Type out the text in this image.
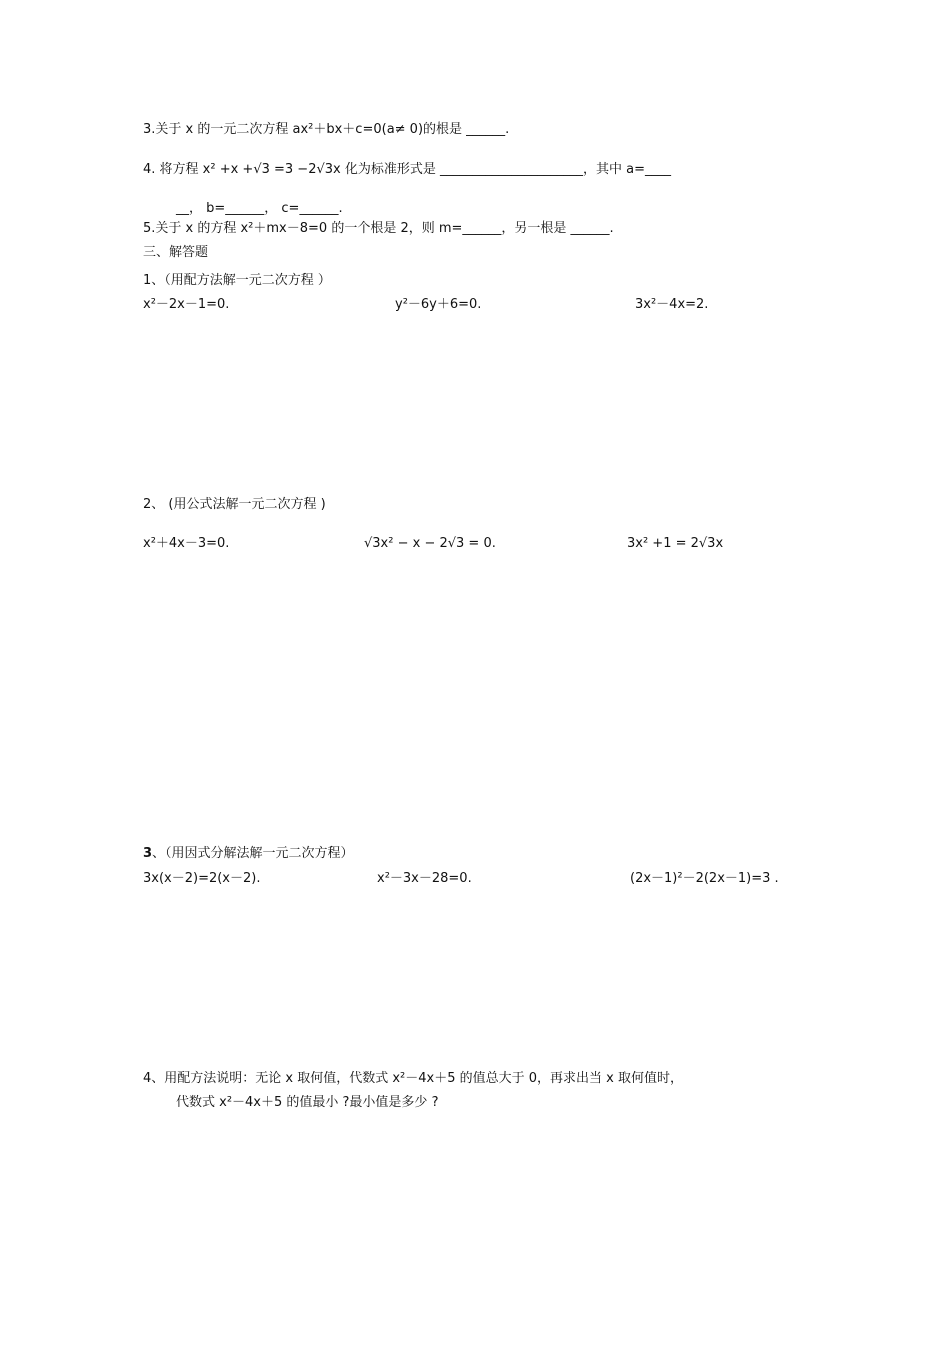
3.关于 x 的一元二次方程 ax²＋bx＋c=0(a≠ 0)的根是 ______.
4. 将方程 x² +x +√3 =3 −2√3x 化为标准形式是 ______________________，其中 a=____
__， b=______， c=______.
5.关于 x 的方程 x²＋mx－8=0 的一个根是 2，则 m=______，另一根是 ______.
三、解答题
1、（用配方法解一元二次方程 ）
x²－2x－1=0.	y²－6y＋6=0.	3x²－4x=2.
2、 (用公式法解一元二次方程 )
x²＋4x－3=0.	√3x² − x − 2√3 = 0.	3x² +1 = 2√3x
3、（用因式分解法解一元二次方程）
3x(x－2)=2(x－2).	x²－3x－28=0.	(2x－1)²－2(2x－1)=3 .
4、用配方法说明：无论 x 取何值，代数式 x²－4x＋5 的值总大于 0，再求出当 x 取何值时，
代数式 x²－4x＋5 的值最小 ?最小值是多少 ?
